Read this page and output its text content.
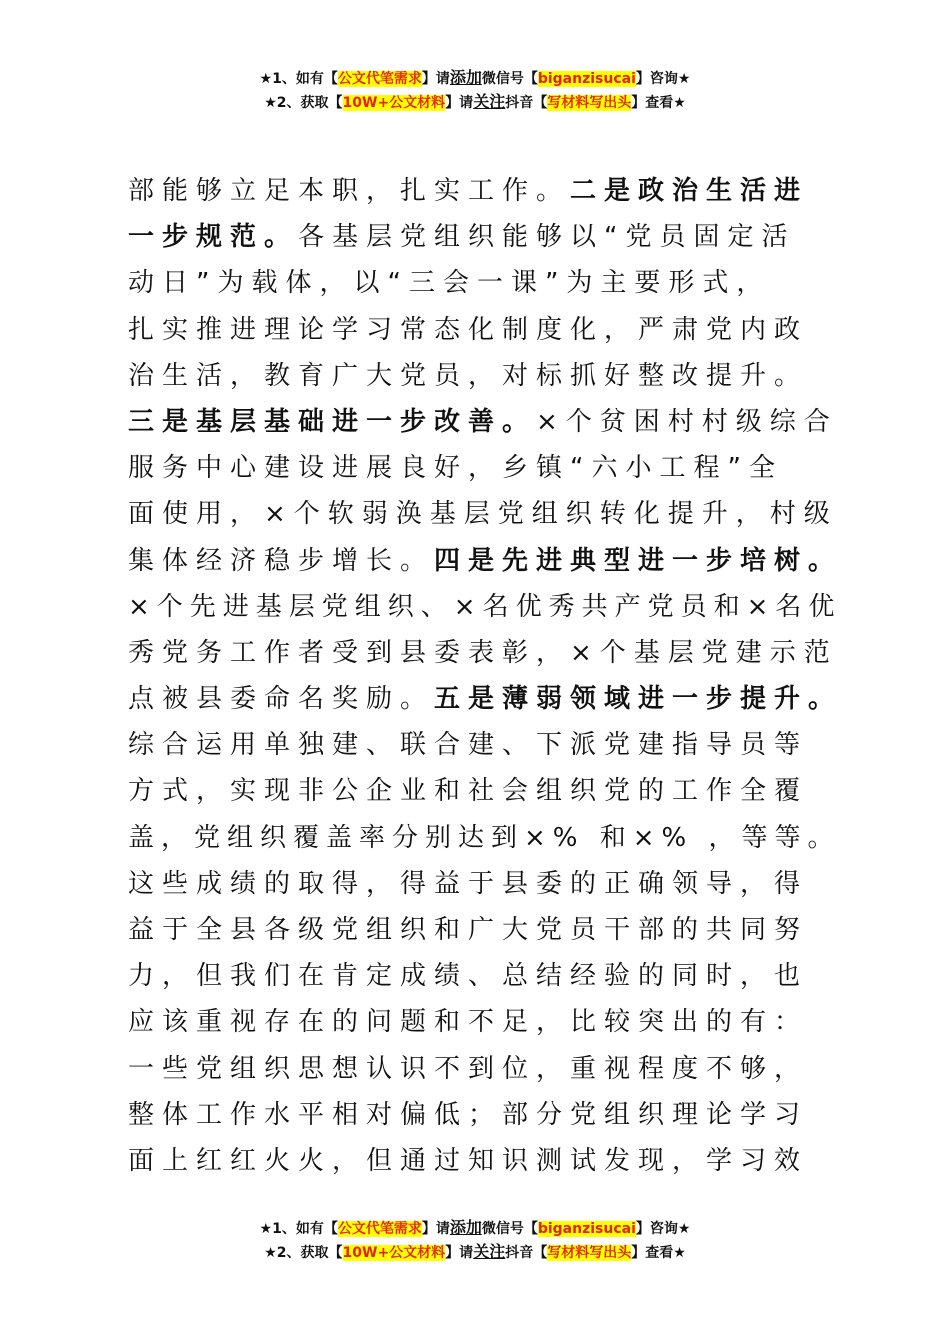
★1、如有【公文代笔需求】请添加微信号【biganzisucai】咨询★
★2、获取【10W+公文材料】请关注抖音【写材料写出头】查看★
部能够立足本职，扎实工作。二是政治生活进
一步规范。各基层党组织能够以“党员固定活
动日”为载体，以“三会一课”为主要形式，
扎实推进理论学习常态化制度化，严肃党内政
治生活，教育广大党员，对标抓好整改提升。
三是基层基础进一步改善。×个贫困村村级综合
服务中心建设进展良好，乡镇“六小工程”全
面使用，×个软弱涣基层党组织转化提升，村级
集体经济稳步增长。四是先进典型进一步培树。
×个先进基层党组织、×名优秀共产党员和×名优
秀党务工作者受到县委表彰，×个基层党建示范
点被县委命名奖励。五是薄弱领域进一步提升。
综合运用单独建、联合建、下派党建指导员等
方式，实现非公企业和社会组织党的工作全覆
盖，党组织覆盖率分别达到×% 和×% ，等等。
这些成绩的取得，得益于县委的正确领导，得
益于全县各级党组织和广大党员干部的共同努
力，但我们在肯定成绩、总结经验的同时，也
应该重视存在的问题和不足，比较突出的有：
一些党组织思想认识不到位，重视程度不够，
整体工作水平相对偏低；部分党组织理论学习
面上红红火火，但通过知识测试发现，学习效
★1、如有【公文代笔需求】请添加微信号【biganzisucai】咨询★
★2、获取【10W+公文材料】请关注抖音【写材料写出头】查看★
